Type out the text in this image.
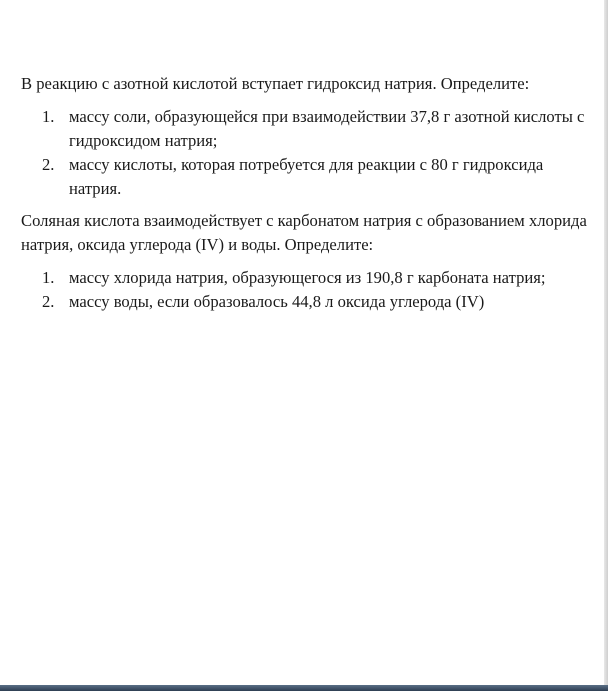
В реакцию с азотной кислотой вступает гидроксид натрия. Определите:

1. массу соли, образующейся при взаимодействии 37,8 г азотной кислоты с гидроксидом натрия;
2. массу кислоты, которая потребуется для реакции с 80 г гидроксида натрия.

Соляная кислота взаимодействует с карбонатом натрия с образованием хлорида натрия, оксида углерода (IV) и воды. Определите:

1. массу хлорида натрия, образующегося из 190,8 г карбоната натрия;
2. массу воды, если образовалось 44,8 л оксида углерода (IV)
